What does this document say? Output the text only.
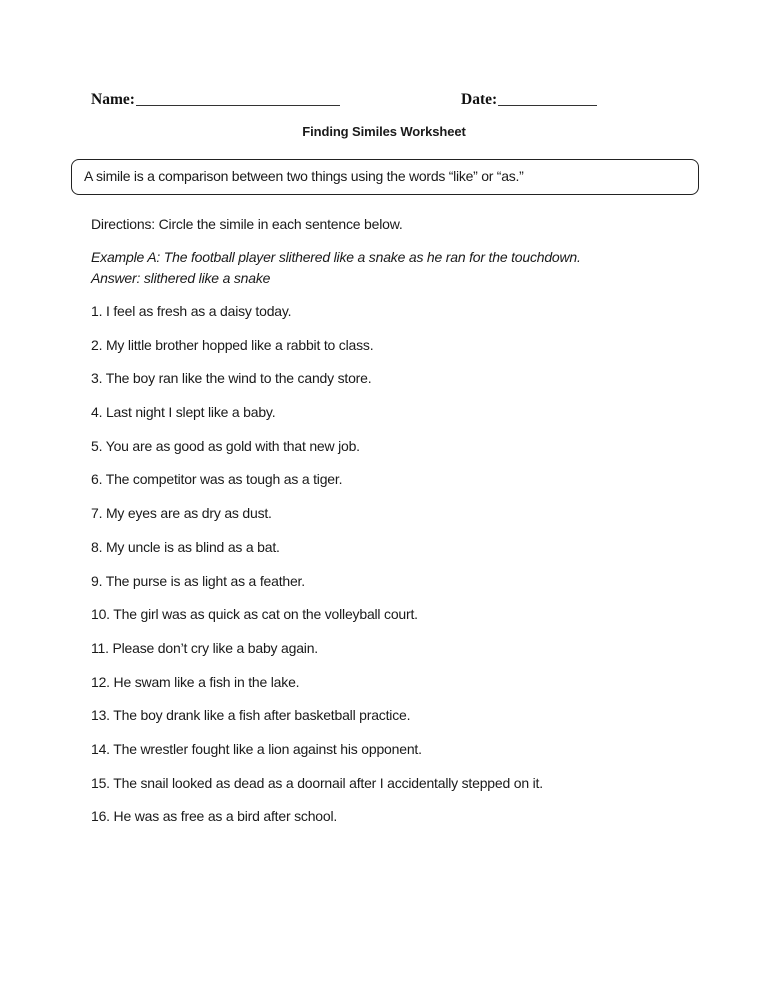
Name:	Date:
Finding Similes Worksheet
A simile is a comparison between two things using the words “like” or “as.”
Directions: Circle the simile in each sentence below.
Example A: The football player slithered like a snake as he ran for the touchdown.
Answer: slithered like a snake
1. I feel as fresh as a daisy today.
2. My little brother hopped like a rabbit to class.
3. The boy ran like the wind to the candy store.
4. Last night I slept like a baby.
5. You are as good as gold with that new job.
6. The competitor was as tough as a tiger.
7. My eyes are as dry as dust.
8. My uncle is as blind as a bat.
9. The purse is as light as a feather.
10. The girl was as quick as cat on the volleyball court.
11. Please don’t cry like a baby again.
12. He swam like a fish in the lake.
13. The boy drank like a fish after basketball practice.
14. The wrestler fought like a lion against his opponent.
15. The snail looked as dead as a doornail after I accidentally stepped on it.
16. He was as free as a bird after school.
